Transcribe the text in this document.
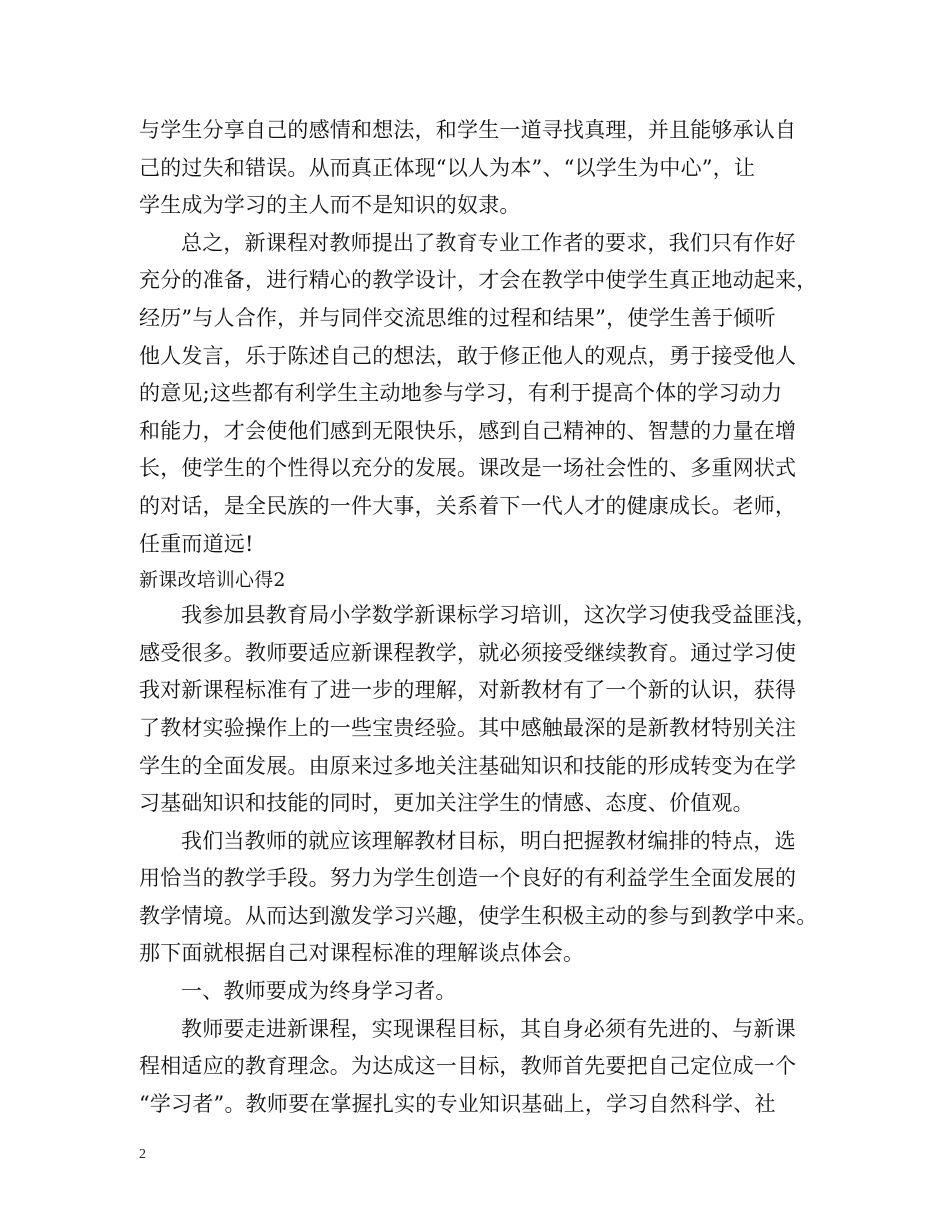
与学生分享自己的感情和想法，和学生一道寻找真理，并且能够承认自
己的过失和错误。从而真正体现“以人为本”、“以学生为中心”，让
学生成为学习的主人而不是知识的奴隶。
总之，新课程对教师提出了教育专业工作者的要求，我们只有作好
充分的准备，进行精心的教学设计，才会在教学中使学生真正地动起来，
经历”与人合作，并与同伴交流思维的过程和结果”，使学生善于倾听
他人发言，乐于陈述自己的想法，敢于修正他人的观点，勇于接受他人
的意见;这些都有利学生主动地参与学习，有利于提高个体的学习动力
和能力，才会使他们感到无限快乐，感到自己精神的、智慧的力量在增
长，使学生的个性得以充分的发展。课改是一场社会性的、多重网状式
的对话，是全民族的一件大事，关系着下一代人才的健康成长。老师，
任重而道远!
新课改培训心得2
我参加县教育局小学数学新课标学习培训，这次学习使我受益匪浅，
感受很多。教师要适应新课程教学，就必须接受继续教育。通过学习使
我对新课程标准有了进一步的理解，对新教材有了一个新的认识，获得
了教材实验操作上的一些宝贵经验。其中感触最深的是新教材特别关注
学生的全面发展。由原来过多地关注基础知识和技能的形成转变为在学
习基础知识和技能的同时，更加关注学生的情感、态度、价值观。
我们当教师的就应该理解教材目标，明白把握教材编排的特点，选
用恰当的教学手段。努力为学生创造一个良好的有利益学生全面发展的
教学情境。从而达到激发学习兴趣，使学生积极主动的参与到教学中来。
那下面就根据自己对课程标准的理解谈点体会。
一、教师要成为终身学习者。
教师要走进新课程，实现课程目标，其自身必须有先进的、与新课
程相适应的教育理念。为达成这一目标，教师首先要把自己定位成一个
“学习者”。教师要在掌握扎实的专业知识基础上，学习自然科学、社
2
